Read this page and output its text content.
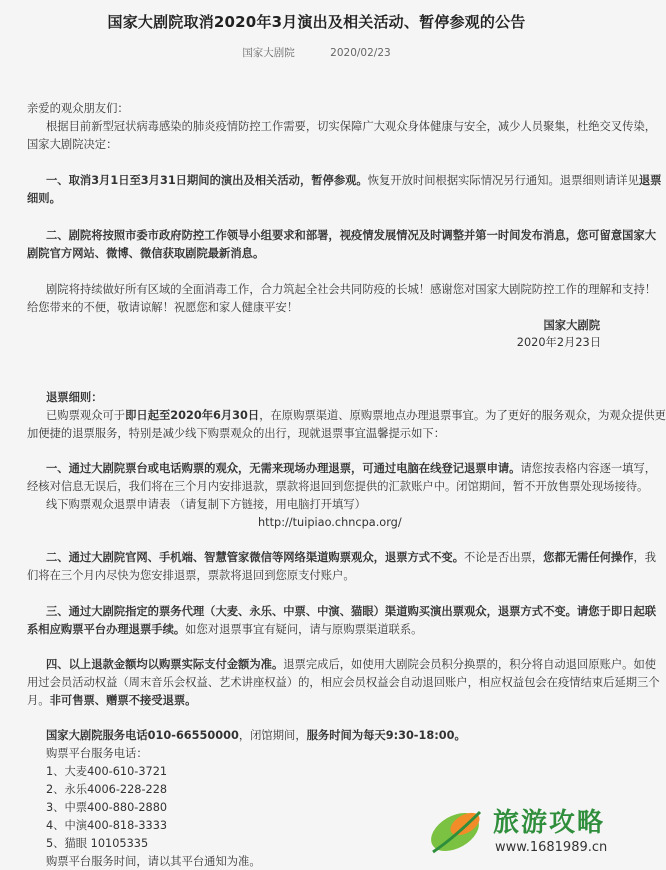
国家大剧院取消2020年3月演出及相关活动、暂停参观的公告
国家大剧院	2020/02/23
亲爱的观众朋友们：
根据目前新型冠状病毒感染的肺炎疫情防控工作需要，切实保障广大观众身体健康与安全，减少人员聚集，杜绝交叉传染，
国家大剧院决定：
一、取消3月1日至3月31日期间的演出及相关活动，暂停参观。恢复开放时间根据实际情况另行通知。退票细则请详见退票
细则。
二、剧院将按照市委市政府防控工作领导小组要求和部署，视疫情发展情况及时调整并第一时间发布消息，您可留意国家大
剧院官方网站、微博、微信获取剧院最新消息。
剧院将持续做好所有区域的全面消毒工作，合力筑起全社会共同防疫的长城！感谢您对国家大剧院防控工作的理解和支持！
给您带来的不便，敬请谅解！祝愿您和家人健康平安！
国家大剧院
2020年2月23日
退票细则：
已购票观众可于即日起至2020年6月30日，在原购票渠道、原购票地点办理退票事宜。为了更好的服务观众，为观众提供更
加便捷的退票服务，特别是减少线下购票观众的出行，现就退票事宜温馨提示如下：
一、通过大剧院票台或电话购票的观众，无需来现场办理退票，可通过电脑在线登记退票申请。请您按表格内容逐一填写，
经核对信息无误后，我们将在三个月内安排退款，票款将退回到您提供的汇款账户中。闭馆期间，暂不开放售票处现场接待。
线下购票观众退票申请表 （请复制下方链接，用电脑打开填写）
http://tuipiao.chncpa.org/
二、通过大剧院官网、手机端、智慧管家微信等网络渠道购票观众，退票方式不变。不论是否出票，您都无需任何操作，我
们将在三个月内尽快为您安排退票，票款将退回到您原支付账户。
三、通过大剧院指定的票务代理（大麦、永乐、中票、中演、猫眼）渠道购买演出票观众，退票方式不变。请您于即日起联
系相应购票平台办理退票手续。如您对退票事宜有疑问，请与原购票渠道联系。
四、以上退款金额均以购票实际支付金额为准。退票完成后，如使用大剧院会员积分换票的，积分将自动退回原账户。如使
用过会员活动权益（周末音乐会权益、艺术讲座权益）的，相应会员权益会自动退回账户，相应权益包会在疫情结束后延期三个
月。非可售票、赠票不接受退票。
国家大剧院服务电话010-66550000，闭馆期间，服务时间为每天9:30-18:00。
购票平台服务电话：
1、大麦400-610-3721
2、永乐4006-228-228
3、中票400-880-2880
4、中演400-818-3333
5、猫眼 10105335
购票平台服务时间，请以其平台通知为准。
旅游攻略
www.1681989.cn
